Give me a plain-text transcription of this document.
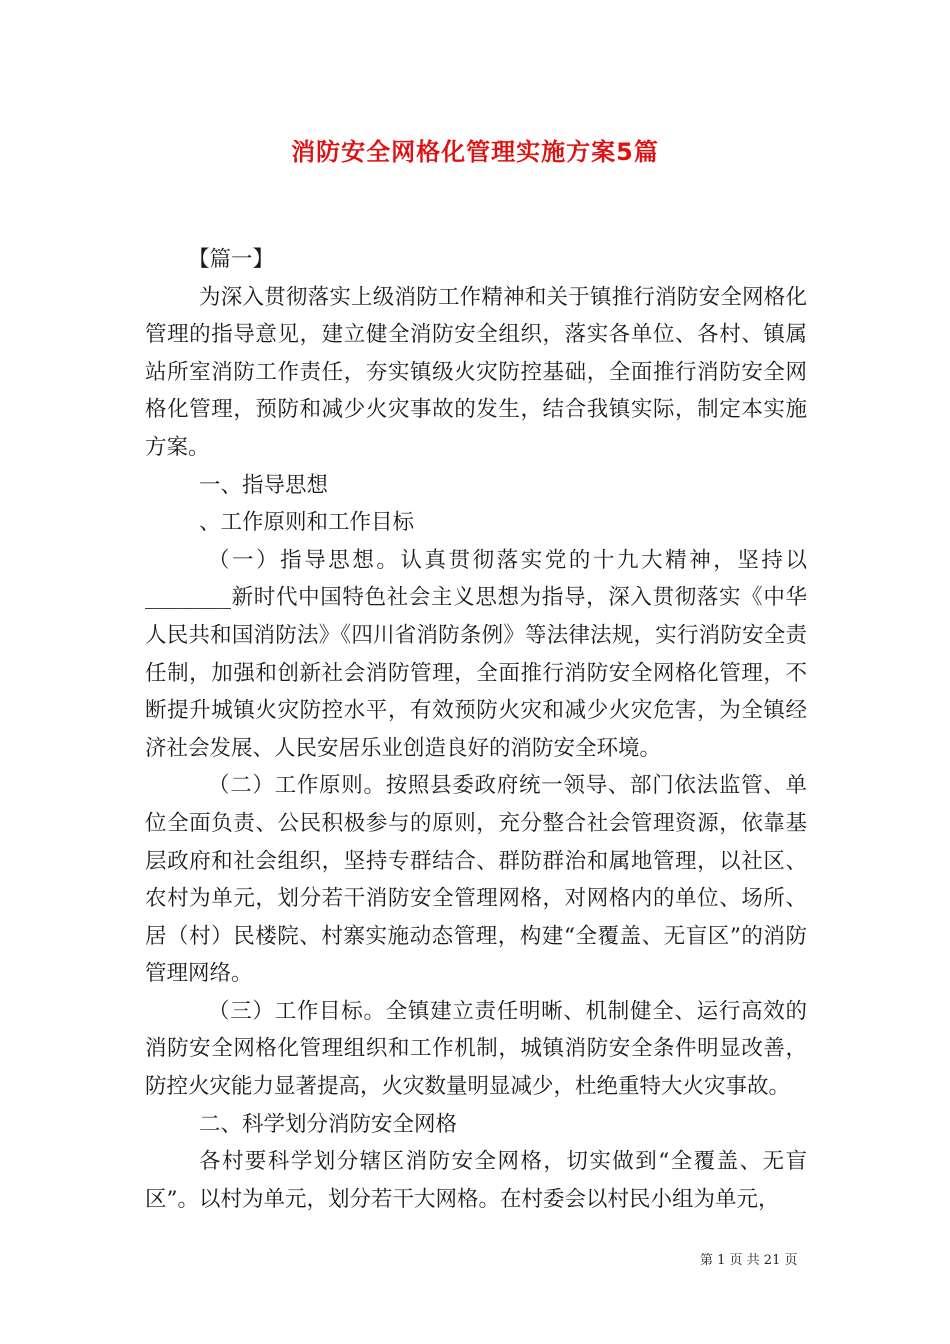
消防安全网格化管理实施方案5篇

【篇一】

为深入贯彻落实上级消防工作精神和关于镇推行消防安全网格化管理的指导意见，建立健全消防安全组织，落实各单位、各村、镇属站所室消防工作责任，夯实镇级火灾防控基础，全面推行消防安全网格化管理，预防和减少火灾事故的发生，结合我镇实际，制定本实施方案。

一、指导思想

、工作原则和工作目标

（一）指导思想。认真贯彻落实党的十九大精神，坚持以________新时代中国特色社会主义思想为指导，深入贯彻落实《中华人民共和国消防法》《四川省消防条例》等法律法规，实行消防安全责任制，加强和创新社会消防管理，全面推行消防安全网格化管理，不断提升城镇火灾防控水平，有效预防火灾和减少火灾危害，为全镇经济社会发展、人民安居乐业创造良好的消防安全环境。

（二）工作原则。按照县委政府统一领导、部门依法监管、单位全面负责、公民积极参与的原则，充分整合社会管理资源，依靠基层政府和社会组织，坚持专群结合、群防群治和属地管理，以社区、农村为单元，划分若干消防安全管理网格，对网格内的单位、场所、居（村）民楼院、村寨实施动态管理，构建“全覆盖、无盲区”的消防管理网络。

（三）工作目标。全镇建立责任明晰、机制健全、运行高效的消防安全网格化管理组织和工作机制，城镇消防安全条件明显改善，防控火灾能力显著提高，火灾数量明显减少，杜绝重特大火灾事故。

二、科学划分消防安全网格

各村要科学划分辖区消防安全网格，切实做到“全覆盖、无盲区”。以村为单元，划分若干大网格。在村委会以村民小组为单元，

第 1 页 共 21 页
